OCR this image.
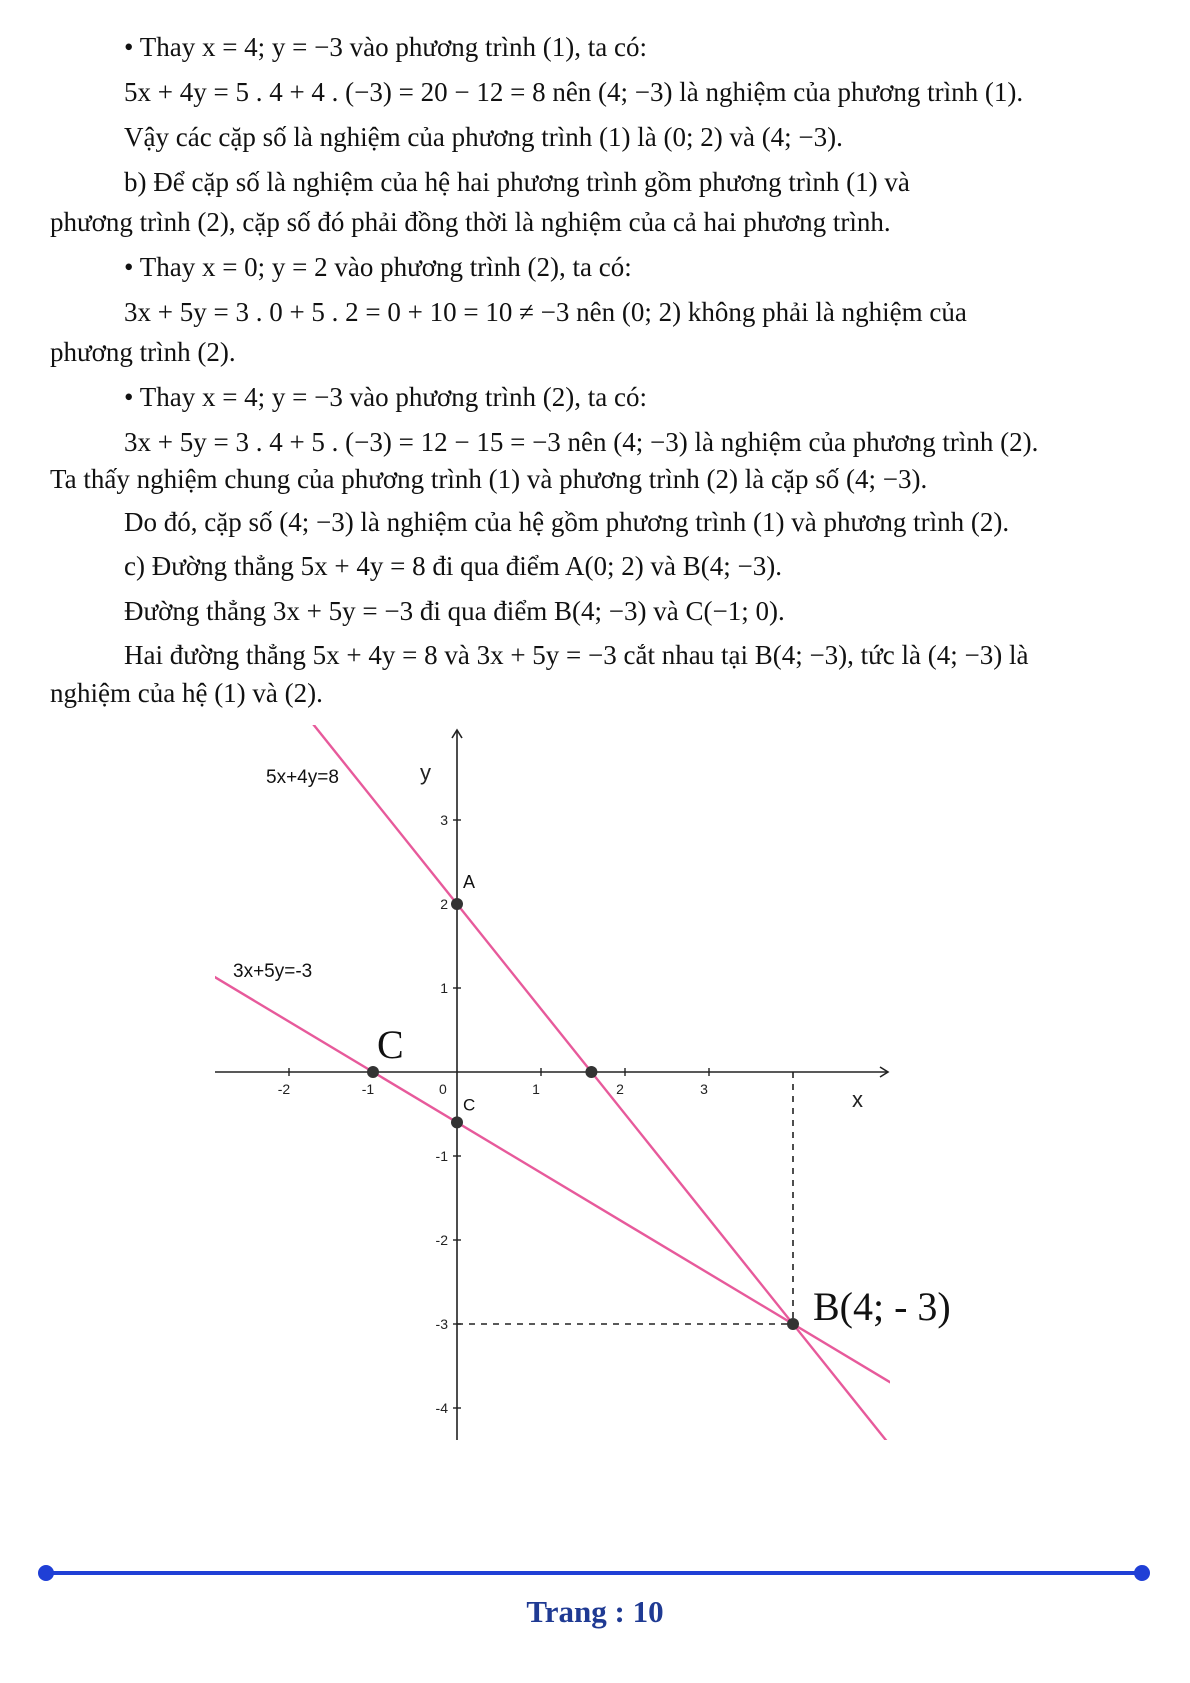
• Thay x = 4; y = −3 vào phương trình (1), ta có:
5x + 4y = 5 . 4 + 4 . (−3) = 20 − 12 = 8 nên (4; −3) là nghiệm của phương trình (1).
Vậy các cặp số là nghiệm của phương trình (1) là (0; 2) và (4; −3).
b) Để cặp số là nghiệm của hệ hai phương trình gồm phương trình (1) và
phương trình (2), cặp số đó phải đồng thời là nghiệm của cả hai phương trình.
• Thay x = 0; y = 2 vào phương trình (2), ta có:
3x + 5y = 3 . 0 + 5 . 2 = 0 + 10 = 10 ≠ −3 nên (0; 2) không phải là nghiệm của
phương trình (2).
• Thay x = 4; y = −3 vào phương trình (2), ta có:
3x + 5y = 3 . 4 + 5 . (−3) = 12 − 15 = −3 nên (4; −3) là nghiệm của phương trình (2).
Ta thấy nghiệm chung của phương trình (1) và phương trình (2) là cặp số (4; −3).
Do đó, cặp số (4; −3) là nghiệm của hệ gồm phương trình (1) và phương trình (2).
c) Đường thẳng 5x + 4y = 8 đi qua điểm A(0; 2) và B(4; −3).
Đường thẳng 3x + 5y = −3 đi qua điểm B(4; −3) và C(−1; 0).
Hai đường thẳng 5x + 4y = 8 và 3x + 5y = −3 cắt nhau tại B(4; −3), tức là (4; −3) là
nghiệm của hệ (1) và (2).
-2	-1	1	2	3
3
2
1
-1
-2
-3
-4
0	x
y
5x+4y=8
3x+5y=-3
A
C
C
B(4; - 3)
Trang : 10
